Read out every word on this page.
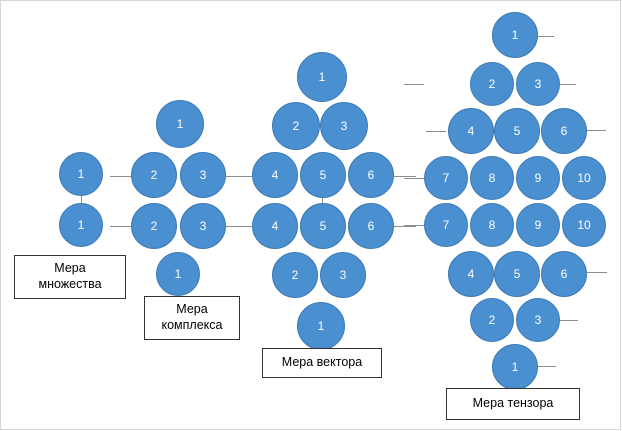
1
1
1
2	3
2	3
1
1
2	3
4	5	6
4	5	6
2	3
1
1
2	3
4	5	6
7	8	9	10
7	8	9	10
4	5	6
2	3
1
Мера
множества
Мера
комплекса
Мера вектора
Мера тензора
